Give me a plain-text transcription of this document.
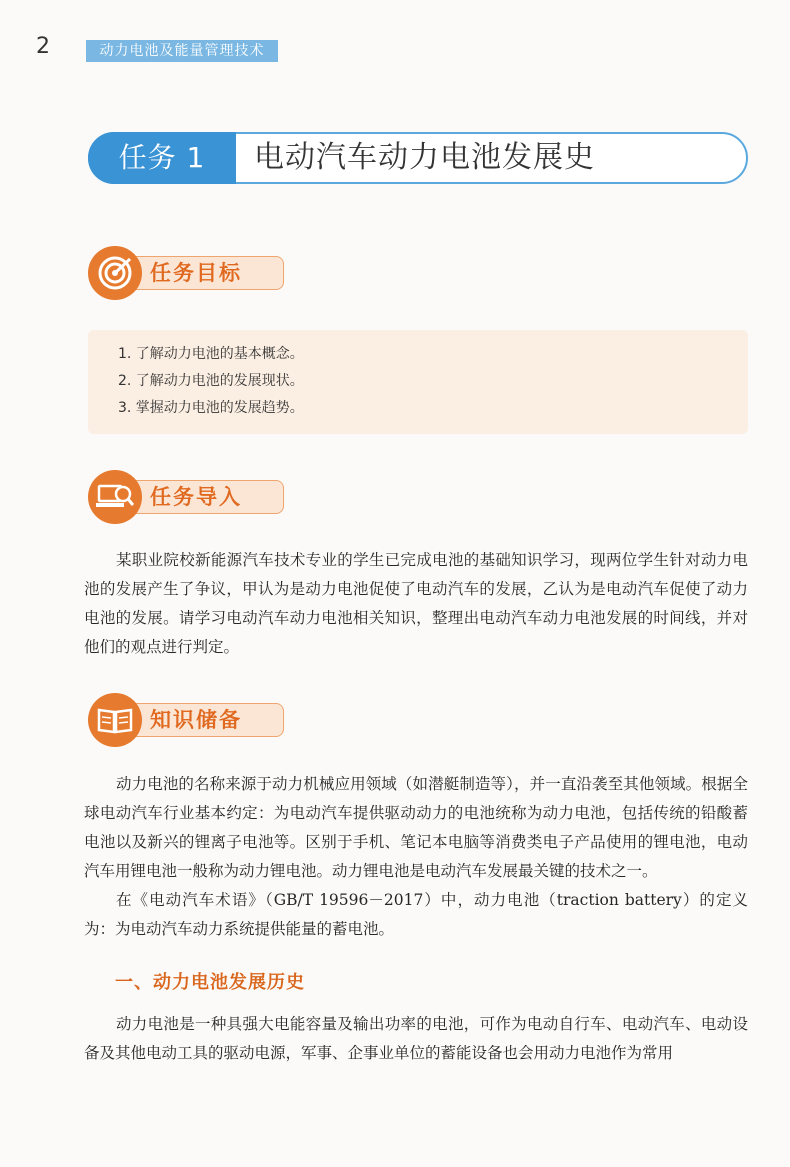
2	动力电池及能量管理技术
任务 1	电动汽车动力电池发展史
任务目标
1. 了解动力电池的基本概念。
2. 了解动力电池的发展现状。
3. 掌握动力电池的发展趋势。
任务导入
某职业院校新能源汽车技术专业的学生已完成电池的基础知识学习，现两位学生针对动力电池的发展产生了争议，甲认为是动力电池促使了电动汽车的发展，乙认为是电动汽车促使了动力电池的发展。请学习电动汽车动力电池相关知识，整理出电动汽车动力电池发展的时间线，并对他们的观点进行判定。
知识储备
动力电池的名称来源于动力机械应用领域（如潜艇制造等），并一直沿袭至其他领域。根据全球电动汽车行业基本约定：为电动汽车提供驱动动力的电池统称为动力电池，包括传统的铅酸蓄电池以及新兴的锂离子电池等。区别于手机、笔记本电脑等消费类电子产品使用的锂电池，电动汽车用锂电池一般称为动力锂电池。动力锂电池是电动汽车发展最关键的技术之一。
在《电动汽车术语》（GB/T 19596－2017）中，动力电池（traction battery）的定义为：为电动汽车动力系统提供能量的蓄电池。
一、动力电池发展历史
动力电池是一种具强大电能容量及输出功率的电池，可作为电动自行车、电动汽车、电动设备及其他电动工具的驱动电源，军事、企事业单位的蓄能设备也会用动力电池作为常用
